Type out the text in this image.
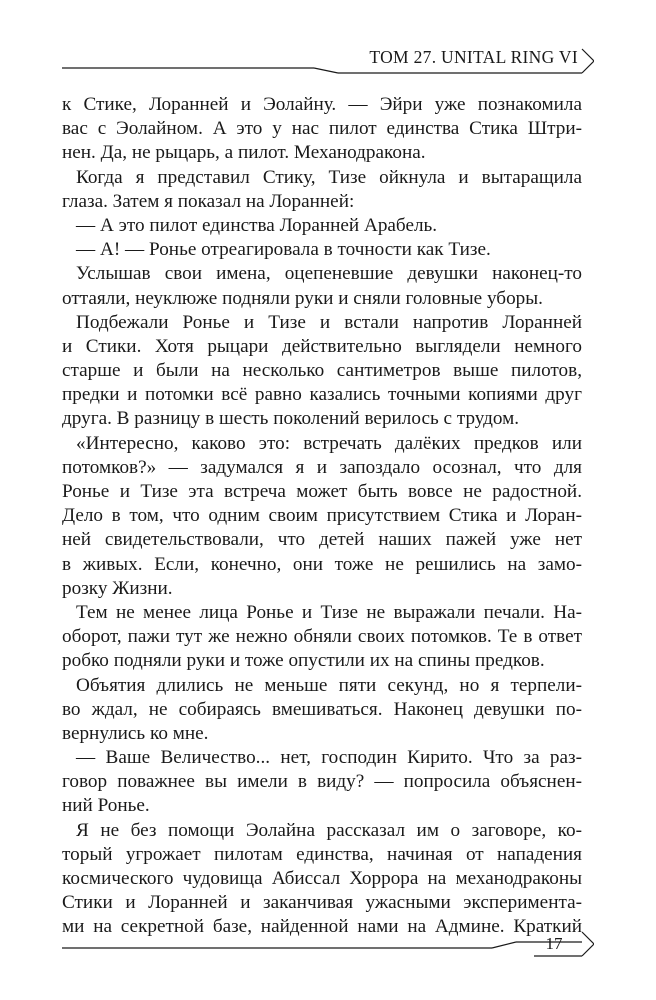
ТОМ 27. UNITAL RING VI
к Стике, Лоранней и Эолайну. — Эйри уже познакомила
вас с Эолайном. А это у нас пилот единства Стика Штри-
нен. Да, не рыцарь, а пилот. Механодракона.
Когда я представил Стику, Тизе ойкнула и вытаращила
глаза. Затем я показал на Лоранней:
— А это пилот единства Лоранней Арабель.
— А! — Ронье отреагировала в точности как Тизе.
Услышав свои имена, оцепеневшие девушки наконец-то
оттаяли, неуклюже подняли руки и сняли головные уборы.
Подбежали Ронье и Тизе и встали напротив Лоранней
и Стики. Хотя рыцари действительно выглядели немного
старше и были на несколько сантиметров выше пилотов,
предки и потомки всё равно казались точными копиями друг
друга. В разницу в шесть поколений верилось с трудом.
«Интересно, каково это: встречать далёких предков или
потомков?» — задумался я и запоздало осознал, что для
Ронье и Тизе эта встреча может быть вовсе не радостной.
Дело в том, что одним своим присутствием Стика и Лоран-
ней свидетельствовали, что детей наших пажей уже нет
в живых. Если, конечно, они тоже не решились на замо-
розку Жизни.
Тем не менее лица Ронье и Тизе не выражали печали. На-
оборот, пажи тут же нежно обняли своих потомков. Те в ответ
робко подняли руки и тоже опустили их на спины предков.
Объятия длились не меньше пяти секунд, но я терпели-
во ждал, не собираясь вмешиваться. Наконец девушки по-
вернулись ко мне.
— Ваше Величество... нет, господин Кирито. Что за раз-
говор поважнее вы имели в виду? — попросила объяснен-
ний Ронье.
Я не без помощи Эолайна рассказал им о заговоре, ко-
торый угрожает пилотам единства, начиная от нападения
космического чудовища Абиссал Хоррора на механодраконы
Стики и Лоранней и заканчивая ужасными эксперимента-
ми на секретной базе, найденной нами на Админе. Краткий
17
